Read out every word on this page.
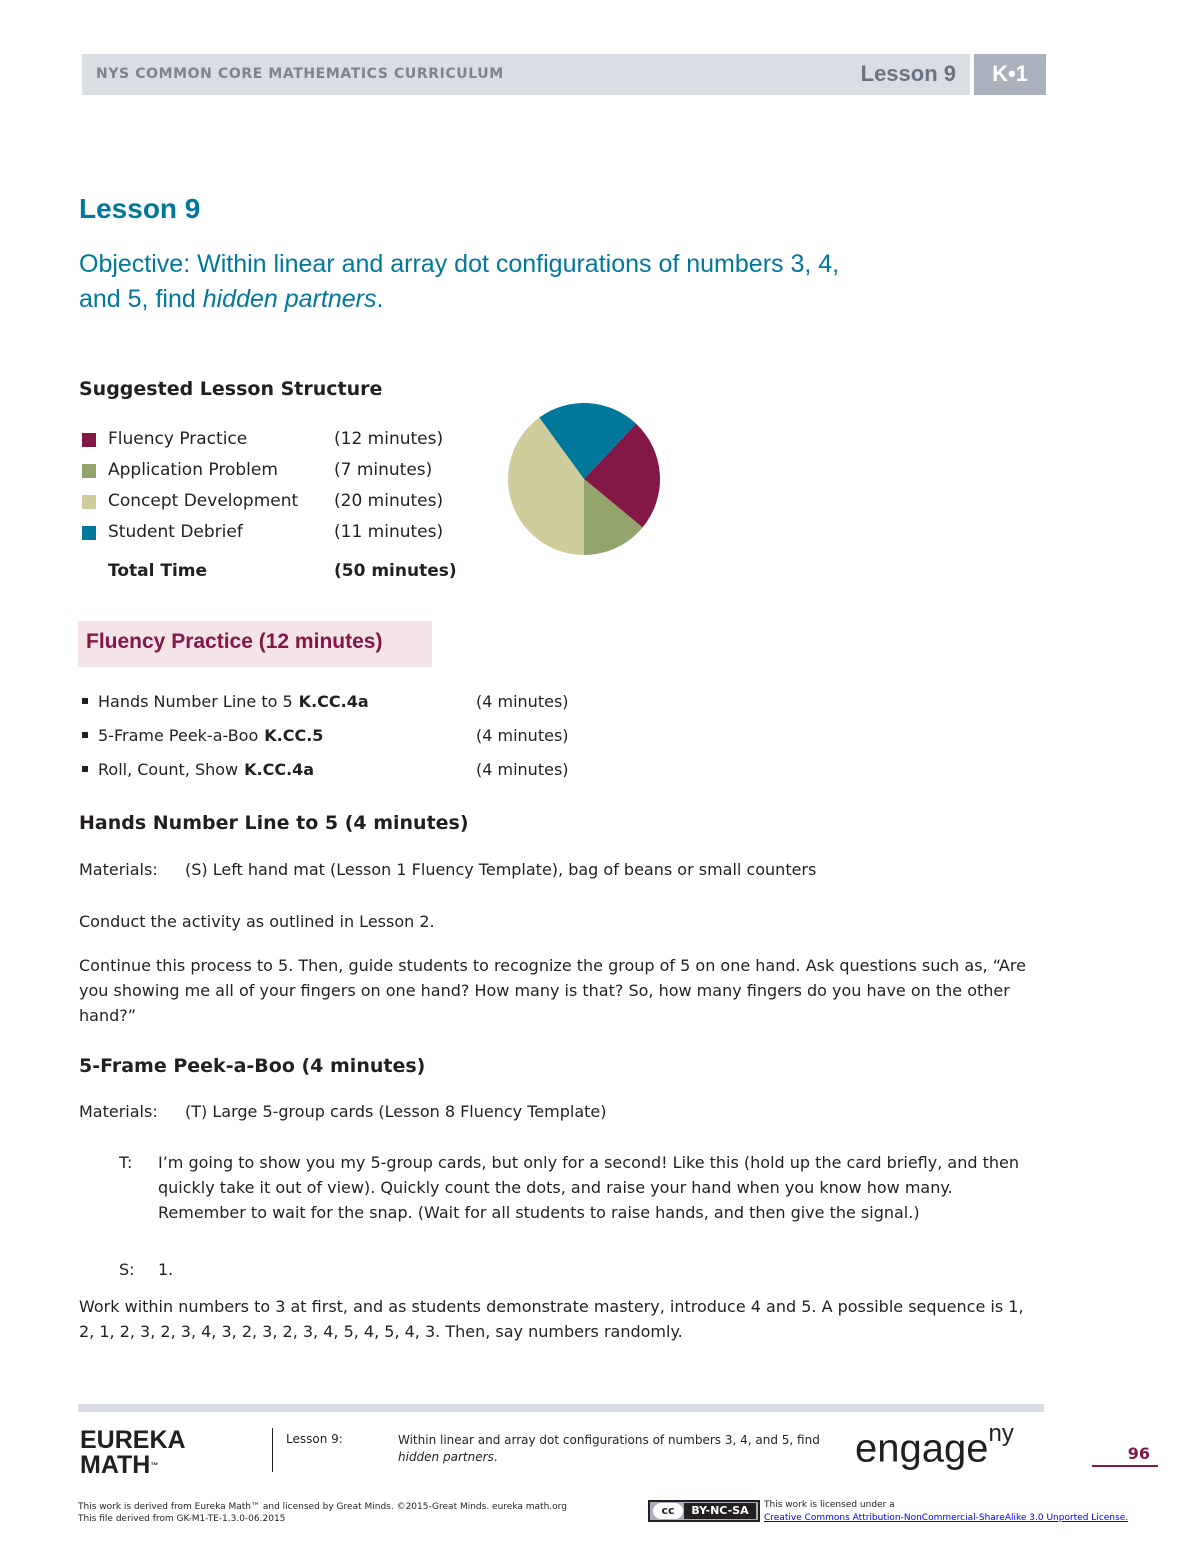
NYS COMMON CORE MATHEMATICS CURRICULUM	Lesson 9	K•1
Lesson 9
Objective: Within linear and array dot configurations of numbers 3, 4,
and 5, find hidden partners.
Suggested Lesson Structure
Fluency Practice	(12 minutes)
Application Problem	(7 minutes)
Concept Development (20 minutes)
Student Debrief	(11 minutes)
Total Time	(50 minutes)
Fluency Practice (12 minutes)
Hands Number Line to 5 K.CC.4a	(4 minutes)
5-Frame Peek-a-Boo K.CC.5	(4 minutes)
Roll, Count, Show K.CC.4a	(4 minutes)
Hands Number Line to 5 (4 minutes)
Materials: (S) Left hand mat (Lesson 1 Fluency Template), bag of beans or small counters
Conduct the activity as outlined in Lesson 2.
Continue this process to 5. Then, guide students to recognize the group of 5 on one hand. Ask questions such as, “Are you showing me all of your fingers on one hand? How many is that? So, how many fingers do you have on the other hand?”
5-Frame Peek-a-Boo (4 minutes)
Materials: (T) Large 5-group cards (Lesson 8 Fluency Template)
T: I’m going to show you my 5-group cards, but only for a second! Like this (hold up the card briefly, and then quickly take it out of view). Quickly count the dots, and raise your hand when you know how many. Remember to wait for the snap. (Wait for all students to raise hands, and then give the signal.)
S: 1.
Work within numbers to 3 at first, and as students demonstrate mastery, introduce 4 and 5. A possible sequence is 1, 2, 1, 2, 3, 2, 3, 4, 3, 2, 3, 2, 3, 4, 5, 4, 5, 4, 3. Then, say numbers randomly.
EUREKA
MATH™
Lesson 9:	Within linear and array dot configurations of numbers 3, 4, and 5, find
hidden partners.	engage$^{ny}$
96
This work is derived from Eureka Math™ and licensed by Great Minds. ©2015-Great Minds. eureka math.org
This file derived from GK-M1-TE-1.3.0-06.2015
cc	BY-NC-SA	This work is licensed under a
Creative Commons Attribution-NonCommercial-ShareAlike 3.0 Unported License.
